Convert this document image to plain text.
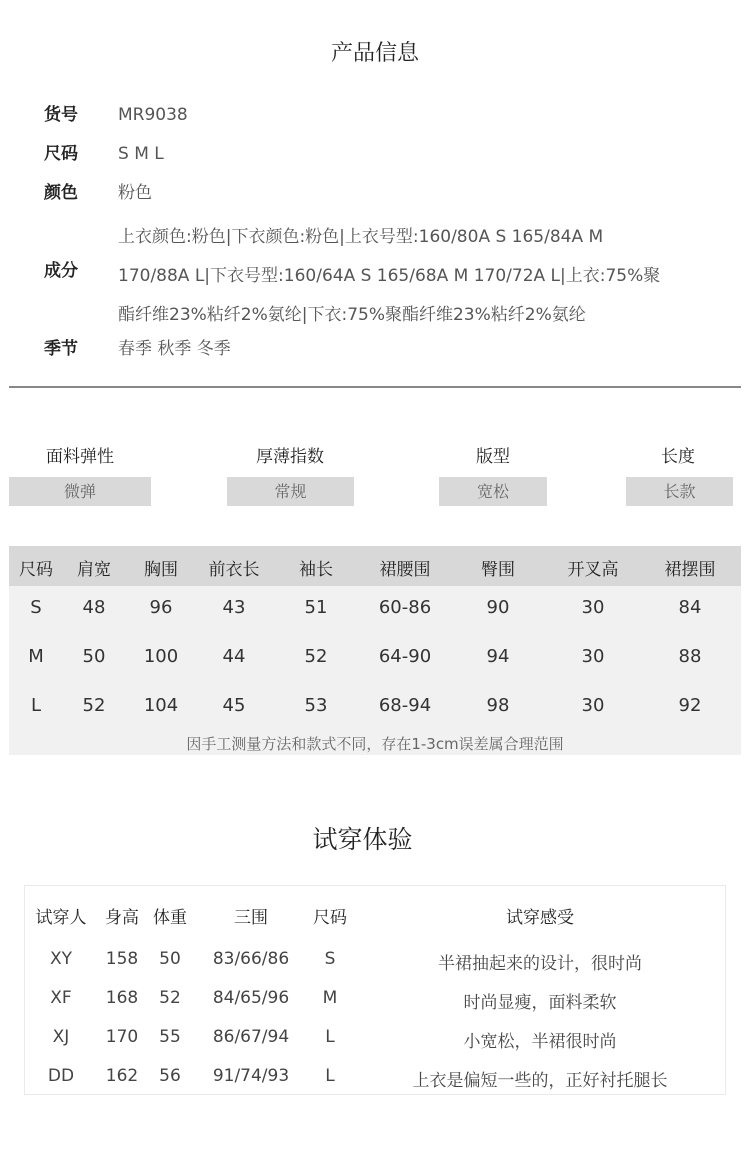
产品信息
货号	MR9038
尺码	S M L
颜色	粉色
上衣颜色:粉色|下衣颜色:粉色|上衣号型:160/80A S 165/84A M
成分	170/88A L|下衣号型:160/64A S 165/68A M 170/72A L|上衣:75%聚
酯纤维23%粘纤2%氨纶|下衣:75%聚酯纤维23%粘纤2%氨纶
季节	春季 秋季 冬季
面料弹性
微弹
厚薄指数
常规
版型
宽松
长度
长款
尺码	肩宽	胸围	前衣长	袖长	裙腰围	臀围	开叉高	裙摆围
S	48	96	43	51	60-86	90	30	84
M	50	100	44	52	64-90	94	30	88
L	52	104	45	53	68-94	98	30	92
因手工测量方法和款式不同，存在1-3cm误差属合理范围
试穿体验
试穿人	身高 体重	三围	尺码	试穿感受
XY	158	50	83/66/86	S	半裙抽起来的设计，很时尚
XF	168	52	84/65/96	M	时尚显瘦，面料柔软
XJ	170	55	86/67/94	L	小宽松，半裙很时尚
DD	162	56	91/74/93	L	上衣是偏短一些的，正好衬托腿长
